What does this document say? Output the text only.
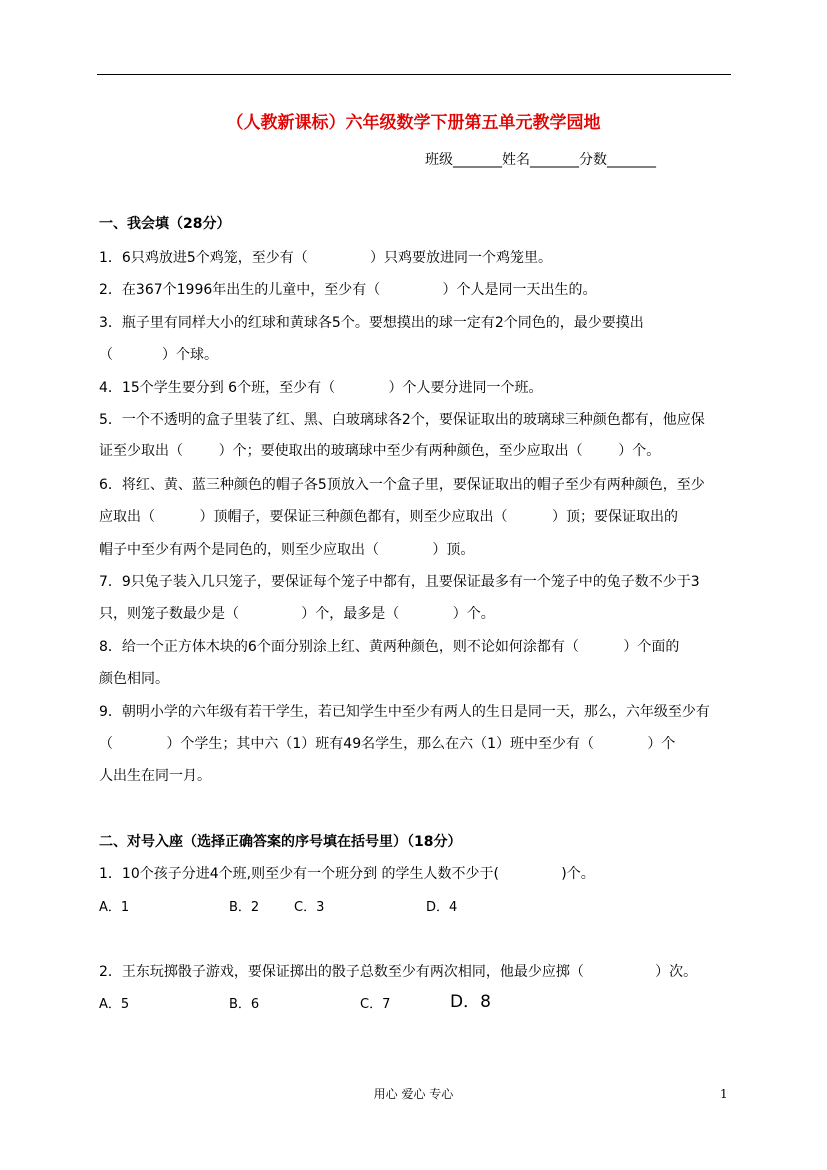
（人教新课标）六年级数学下册第五单元教学园地
班级_______姓名_______分数_______
一、我会填（28分）
1．6只鸡放进5个鸡笼，至少有（              ）只鸡要放进同一个鸡笼里。
2．在367个1996年出生的儿童中，至少有（              ）个人是同一天出生的。
3．瓶子里有同样大小的红球和黄球各5个。要想摸出的球一定有2个同色的，最少要摸出
（           ）个球。
4．15个学生要分到 6个班，至少有（            ）个人要分进同一个班。
5．一个不透明的盒子里装了红、黑、白玻璃球各2个，要保证取出的玻璃球三种颜色都有，他应保
证至少取出（        ）个；要使取出的玻璃球中至少有两种颜色，至少应取出（        ）个。
6．将红、黄、蓝三种颜色的帽子各5顶放入一个盒子里，要保证取出的帽子至少有两种颜色，至少
应取出（          ）顶帽子，要保证三种颜色都有，则至少应取出（          ）顶；要保证取出的
帽子中至少有两个是同色的，则至少应取出（            ）顶。
7．9只兔子装入几只笼子，要保证每个笼子中都有，且要保证最多有一个笼子中的兔子数不少于3
只，则笼子数最少是（              ）个，最多是（            ）个。
8．给一个正方体木块的6个面分别涂上红、黄两种颜色，则不论如何涂都有（          ）个面的
颜色相同。
9．朝明小学的六年级有若干学生，若已知学生中至少有两人的生日是同一天，那么，六年级至少有
（            ）个学生；其中六（1）班有49名学生，那么在六（1）班中至少有（            ）个
人出生在同一月。
二、对号入座（选择正确答案的序号填在括号里）（18分）
1．10个孩子分进4个班,则至少有一个班分到 的学生人数不少于(              )个。
A．1	B．2	C．3	D．4
2．王东玩掷骰子游戏，要保证掷出的骰子总数至少有两次相同，他最少应掷（                ）次。
A．5	B．6	C．7	D．8
用心 爱心 专心	1
